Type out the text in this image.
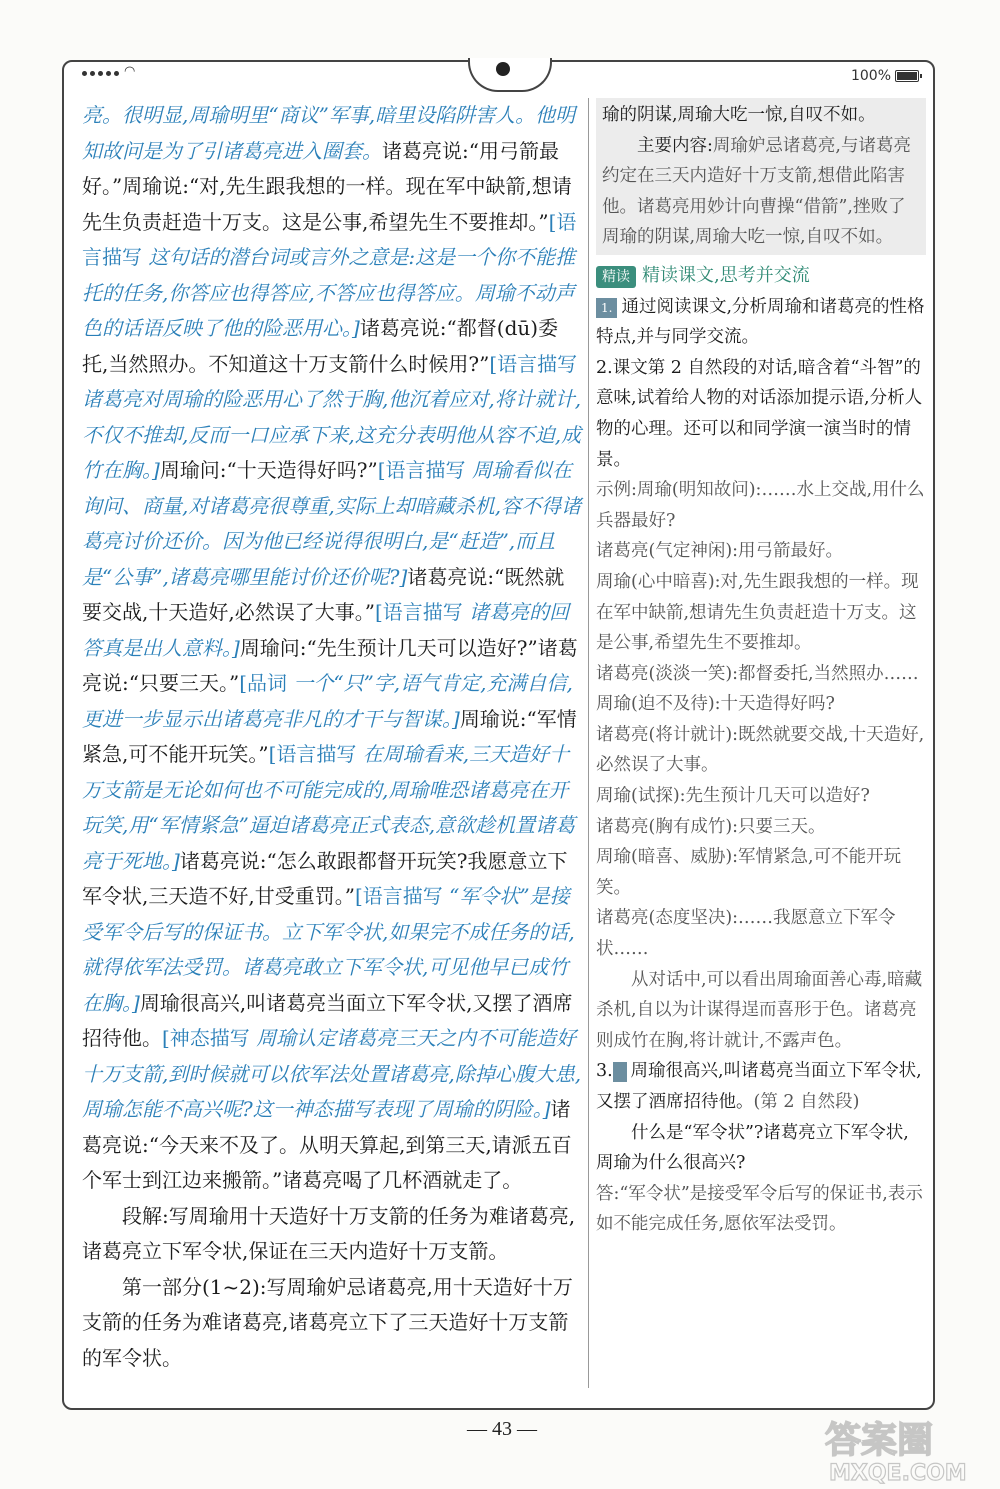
◠	100%

亮。很明显,周瑜明里“商议”军事,暗里设陷阱害人。他明知故问是为了引诸葛亮进入圈套。诸葛亮说:“用弓箭最好。”周瑜说:“对,先生跟我想的一样。现在军中缺箭,想请先生负责赶造十万支。这是公事,希望先生不要推却。”[语言描写 这句话的潜台词或言外之意是:这是一个你不能推托的任务,你答应也得答应,不答应也得答应。周瑜不动声色的话语反映了他的险恶用心。]诸葛亮说:“都督(dū)委托,当然照办。不知道这十万支箭什么时候用?”[语言描写 诸葛亮对周瑜的险恶用心了然于胸,他沉着应对,将计就计,不仅不推却,反而一口应承下来,这充分表明他从容不迫,成竹在胸。]周瑜问:“十天造得好吗?”[语言描写 周瑜看似在询问、商量,对诸葛亮很尊重,实际上却暗藏杀机,容不得诸葛亮讨价还价。因为他已经说得很明白,是“赶造”,而且是“公事”,诸葛亮哪里能讨价还价呢?]诸葛亮说:“既然就要交战,十天造好,必然误了大事。”[语言描写 诸葛亮的回答真是出人意料。]周瑜问:“先生预计几天可以造好?”诸葛亮说:“只要三天。”[品词 一个“只”字,语气肯定,充满自信,更进一步显示出诸葛亮非凡的才干与智谋。]周瑜说:“军情紧急,可不能开玩笑。”[语言描写 在周瑜看来,三天造好十万支箭是无论如何也不可能完成的,周瑜唯恐诸葛亮在开玩笑,用“军情紧急”逼迫诸葛亮正式表态,意欲趁机置诸葛亮于死地。]诸葛亮说:“怎么敢跟都督开玩笑?我愿意立下军令状,三天造不好,甘受重罚。”[语言描写 “军令状”是接受军令后写的保证书。立下军令状,如果完不成任务的话,就得依军法受罚。诸葛亮敢立下军令状,可见他早已成竹在胸。]周瑜很高兴,叫诸葛亮当面立下军令状,又摆了酒席招待他。[神态描写 周瑜认定诸葛亮三天之内不可能造好十万支箭,到时候就可以依军法处置诸葛亮,除掉心腹大患,周瑜怎能不高兴呢?这一神态描写表现了周瑜的阴险。]诸葛亮说:“今天来不及了。从明天算起,到第三天,请派五百个军士到江边来搬箭。”诸葛亮喝了几杯酒就走了。

段解:写周瑜用十天造好十万支箭的任务为难诸葛亮,诸葛亮立下军令状,保证在三天内造好十万支箭。

第一部分(1~2):写周瑜妒忌诸葛亮,用十天造好十万支箭的任务为难诸葛亮,诸葛亮立下了三天造好十万支箭的军令状。

瑜的阴谋,周瑜大吃一惊,自叹不如。

主要内容:周瑜妒忌诸葛亮,与诸葛亮约定在三天内造好十万支箭,想借此陷害他。诸葛亮用妙计向曹操“借箭”,挫败了周瑜的阴谋,周瑜大吃一惊,自叹不如。

精读 精读课文,思考并交流

1. 通过阅读课文,分析周瑜和诸葛亮的性格特点,并与同学交流。

2.课文第 2 自然段的对话,暗含着“斗智”的意味,试着给人物的对话添加提示语,分析人物的心理。还可以和同学演一演当时的情景。

示例:周瑜(明知故问):……水上交战,用什么兵器最好?

诸葛亮(气定神闲):用弓箭最好。

周瑜(心中暗喜):对,先生跟我想的一样。现在军中缺箭,想请先生负责赶造十万支。这是公事,希望先生不要推却。

诸葛亮(淡淡一笑):都督委托,当然照办……

周瑜(迫不及待):十天造得好吗?

诸葛亮(将计就计):既然就要交战,十天造好,必然误了大事。

周瑜(试探):先生预计几天可以造好?

诸葛亮(胸有成竹):只要三天。

周瑜(暗喜、威胁):军情紧急,可不能开玩笑。

诸葛亮(态度坚决):……我愿意立下军令状……

从对话中,可以看出周瑜面善心毒,暗藏杀机,自以为计谋得逞而喜形于色。诸葛亮则成竹在胸,将计就计,不露声色。

3. 周瑜很高兴,叫诸葛亮当面立下军令状,又摆了酒席招待他。(第 2 自然段)

什么是“军令状”?诸葛亮立下军令状,周瑜为什么很高兴?

答:“军令状”是接受军令后写的保证书,表示如不能完成任务,愿依军法受罚。

— 43 —	答案圈
MXQE.COM
